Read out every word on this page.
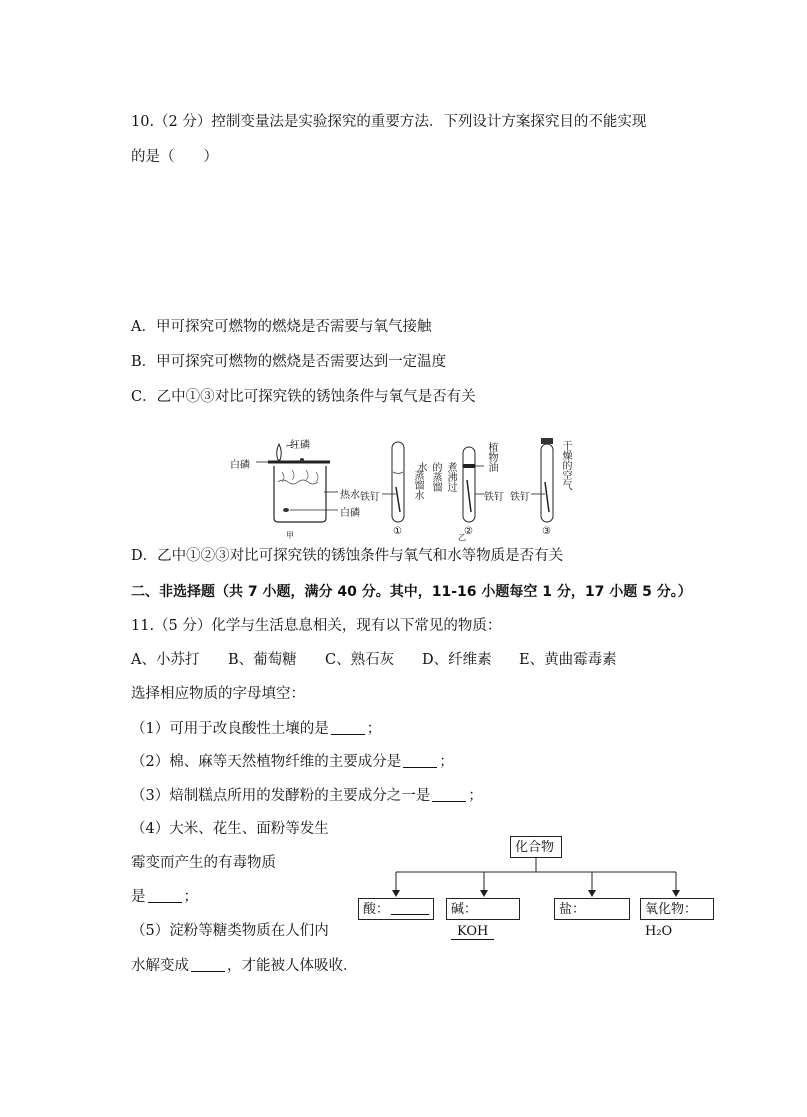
10.（2 分）控制变量法是实验探究的重要方法．下列设计方案探究目的不能实现
的是（　　）
A．甲可探究可燃物的燃烧是否需要与氧气接触
B．甲可探究可燃物的燃烧是否需要达到一定温度
C．乙中①③对比可探究铁的锈蚀条件与氧气是否有关
红磷
白磷
热水
白磷
甲
铁钉	蒸馏水
①
煮沸过的蒸馏水	植物油
铁钉
②
乙
铁钉
干燥的空气
③
D．乙中①②③对比可探究铁的锈蚀条件与氧气和水等物质是否有关
二、非选择题（共 7 小题，满分 40 分。其中，11-16 小题每空 1 分，17 小题 5 分。）
11.（5 分）化学与生活息息相关，现有以下常见的物质：
A、小苏打 B、葡萄糖 C、熟石灰 D、纤维素 E、黄曲霉毒素
选择相应物质的字母填空：
（1）可用于改良酸性土壤的是	；
（2）棉、麻等天然植物纤维的主要成分是	；
（3）焙制糕点所用的发酵粉的主要成分之一是	；
（4）大米、花生、面粉等发生
霉变而产生的有毒物质
是	；
（5）淀粉等糖类物质在人们内
水解变成	，才能被人体吸收．
化合物
酸：	碱：KOH
盐：	氧化物：H₂O
